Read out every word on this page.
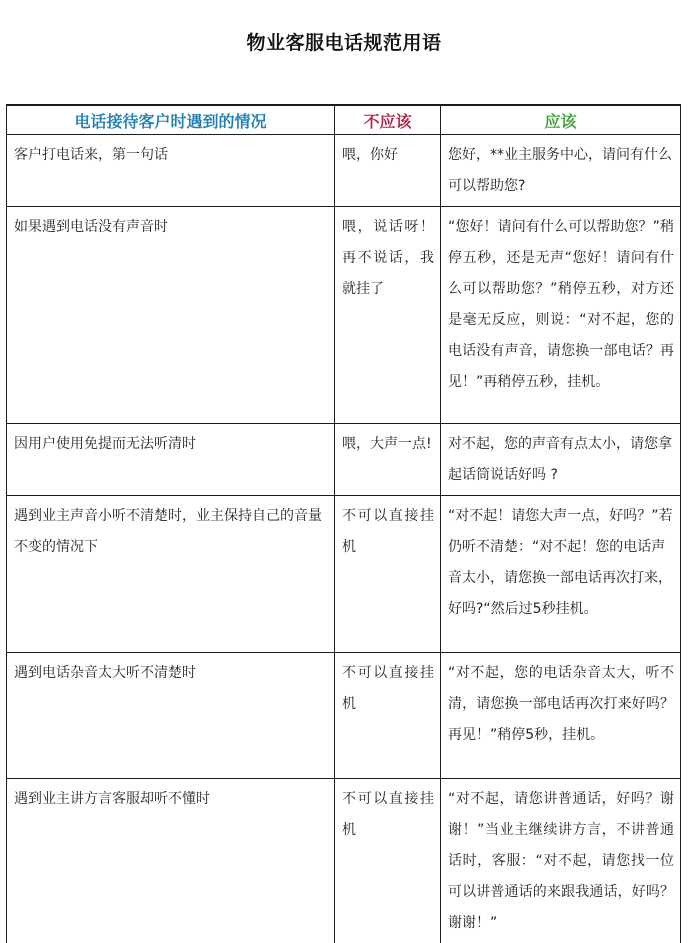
物业客服电话规范用语
电话接待客户时遇到的情况	不应该	应该
客户打电话来，第一句话	喂，你好	您好，**业主服务中心，请问有什么可以帮助您?
如果遇到电话没有声音时	喂，说话呀！再不说话，我就挂了	“您好！请问有什么可以帮助您？”稍停五秒，还是无声“您好！请问有什么可以帮助您？”稍停五秒，对方还是毫无反应，则说：“对不起，您的电话没有声音，请您换一部电话？再见！”再稍停五秒，挂机。
因用户使用免提而无法听清时	喂，大声一点!	对不起，您的声音有点太小，请您拿起话筒说话好吗 ?
遇到业主声音小听不清楚时，业主保持自己的音量不变的情况下	不可以直接挂机	“对不起！请您大声一点，好吗？”若仍听不清楚：“对不起！您的电话声音太小，请您换一部电话再次打来，好吗?“然后过5秒挂机。
遇到电话杂音太大听不清楚时	不可以直接挂机	“对不起，您的电话杂音太大，听不清，请您换一部电话再次打来好吗？再见！”稍停5秒，挂机。
遇到业主讲方言客服却听不懂时	不可以直接挂机	“对不起，请您讲普通话，好吗？谢谢！”当业主继续讲方言，不讲普通话时，客服：“对不起，请您找一位可以讲普通话的来跟我通话，好吗？谢谢！”
